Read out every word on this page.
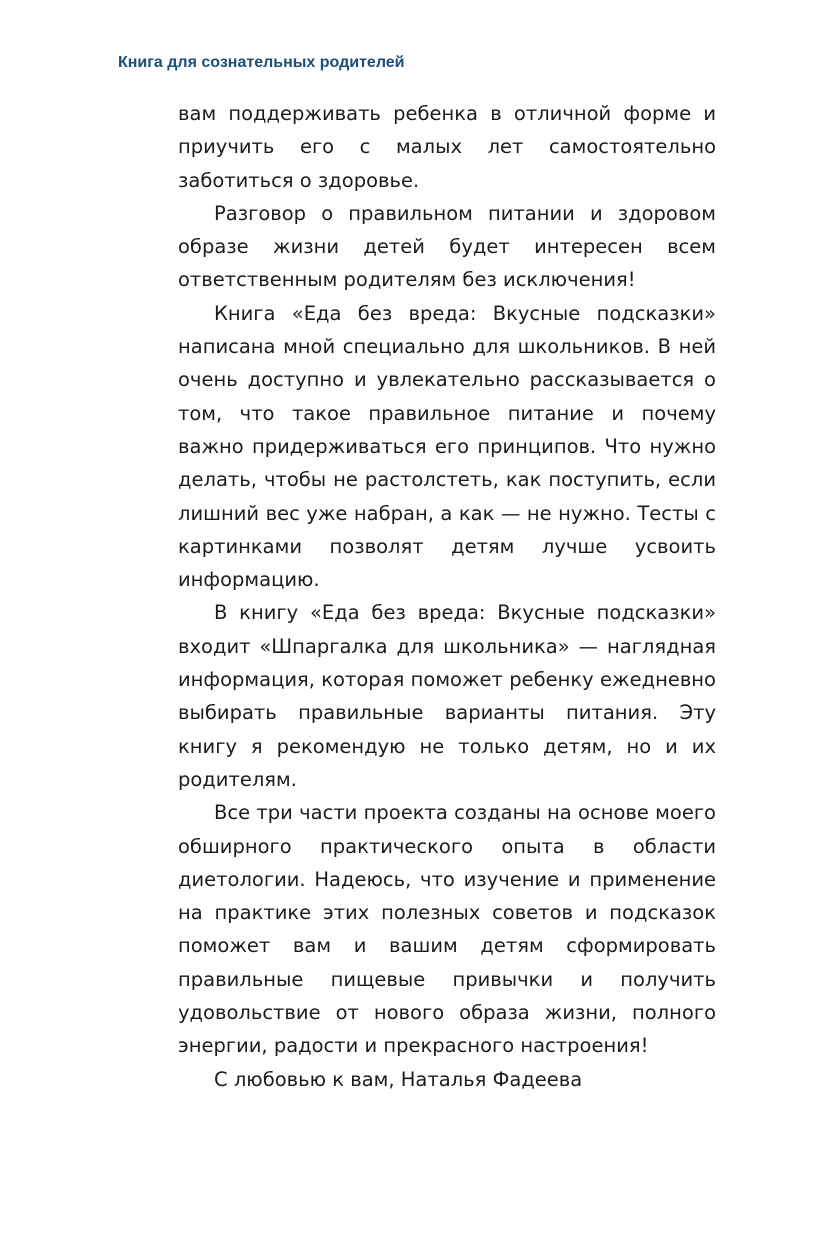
Книга для сознательных родителей

вам поддерживать ребенка в отличной форме и приучить его с малых лет самостоятельно заботиться о здоровье.

Разговор о правильном питании и здоровом образе жизни детей будет интересен всем ответственным родителям без исключения!

Книга «Еда без вреда: Вкусные подсказки» написана мной специально для школьников. В ней очень доступно и увлекательно рассказывается о том, что такое правильное питание и почему важно придерживаться его принципов. Что нужно делать, чтобы не растолстеть, как поступить, если лишний вес уже набран, а как — не нужно. Тесты с картинками позволят детям лучше усвоить информацию.

В книгу «Еда без вреда: Вкусные подсказки» входит «Шпаргалка для школьника» — наглядная информация, которая поможет ребенку ежедневно выбирать правильные варианты питания. Эту книгу я рекомендую не только детям, но и их родителям.

Все три части проекта созданы на основе моего обширного практического опыта в области диетологии. Надеюсь, что изучение и применение на практике этих полезных советов и подсказок поможет вам и вашим детям сформировать правильные пищевые привычки и получить удовольствие от нового образа жизни, полного энергии, радости и прекрасного настроения!

С любовью к вам, Наталья Фадеева
